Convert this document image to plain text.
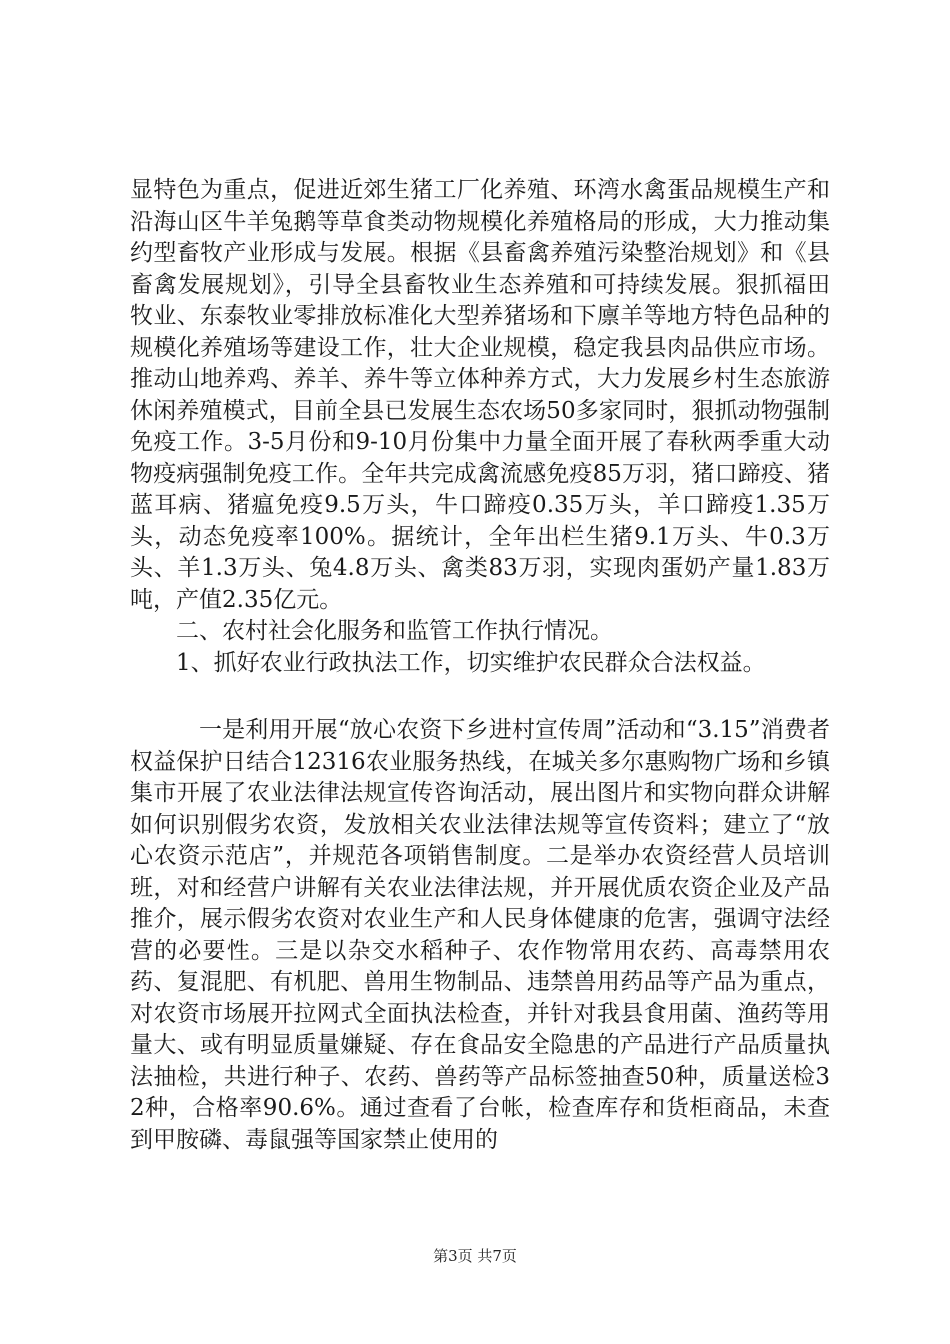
显特色为重点，促进近郊生猪工厂化养殖、环湾水禽蛋品规模生产和沿海山区牛羊兔鹅等草食类动物规模化养殖格局的形成，大力推动集约型畜牧产业形成与发展。根据《县畜禽养殖污染整治规划》和《县畜禽发展规划》，引导全县畜牧业生态养殖和可持续发展。狠抓福田牧业、东泰牧业零排放标准化大型养猪场和下廪羊等地方特色品种的规模化养殖场等建设工作，壮大企业规模，稳定我县肉品供应市场。推动山地养鸡、养羊、养牛等立体种养方式，大力发展乡村生态旅游休闲养殖模式，目前全县已发展生态农场50多家同时，狠抓动物强制免疫工作。3-5月份和9-10月份集中力量全面开展了春秋两季重大动物疫病强制免疫工作。全年共完成禽流感免疫85万羽，猪口蹄疫、猪蓝耳病、猪瘟免疫9.5万头，牛口蹄疫0.35万头，羊口蹄疫1.35万头，动态免疫率100%。据统计，全年出栏生猪9.1万头、牛0.3万头、羊1.3万头、兔4.8万头、禽类83万羽，实现肉蛋奶产量1.83万吨，产值2.35亿元。

二、农村社会化服务和监管工作执行情况。

1、抓好农业行政执法工作，切实维护农民群众合法权益。

一是利用开展“放心农资下乡进村宣传周”活动和“3.15”消费者权益保护日结合12316农业服务热线，在城关多尔惠购物广场和乡镇集市开展了农业法律法规宣传咨询活动，展出图片和实物向群众讲解如何识别假劣农资，发放相关农业法律法规等宣传资料；建立了“放心农资示范店”，并规范各项销售制度。二是举办农资经营人员培训班，对和经营户讲解有关农业法律法规，并开展优质农资企业及产品推介，展示假劣农资对农业生产和人民身体健康的危害，强调守法经营的必要性。三是以杂交水稻种子、农作物常用农药、高毒禁用农药、复混肥、有机肥、兽用生物制品、违禁兽用药品等产品为重点，对农资市场展开拉网式全面执法检查，并针对我县食用菌、渔药等用量大、或有明显质量嫌疑、存在食品安全隐患的产品进行产品质量执法抽检，共进行种子、农药、兽药等产品标签抽查50种，质量送检32种，合格率90.6%。通过查看了台帐，检查库存和货柜商品，未查到甲胺磷、毒鼠强等国家禁止使用的

第3页 共7页
